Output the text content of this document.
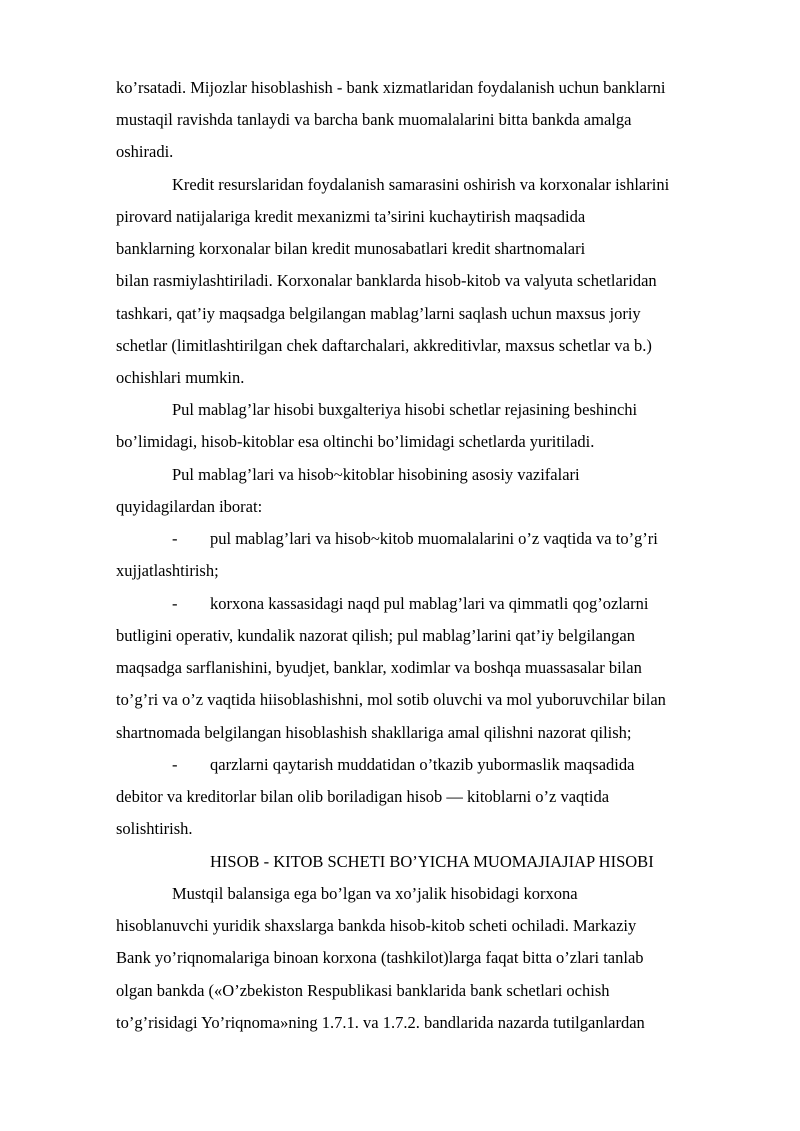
ko’rsatadi. Mijozlar hisoblashish - bank xizmatlaridan foydalanish uchun banklarni
mustaqil ravishda tanlaydi va barcha bank muomalalarini bitta bankda amalga
oshiradi.
Kredit resurslaridan foydalanish samarasini oshirish va korxonalar ishlarini
pirovard natijalariga kredit mexanizmi ta’sirini kuchaytirish maqsadida
banklarning korxonalar bilan kredit munosabatlari kredit shartnomalari
bilan rasmiylashtiriladi. Korxonalar banklarda hisob-kitob va valyuta schetlaridan
tashkari, qat’iy maqsadga belgilangan mablag’larni saqlash uchun maxsus joriy
schetlar (limitlashtirilgan chek daftarchalari, akkreditivlar, maxsus schetlar va b.)
ochishlari mumkin.
Pul mablag’lar hisobi buxgalteriya hisobi schetlar rejasining beshinchi
bo’limidagi, hisob-kitoblar esa oltinchi bo’limidagi schetlarda yuritiladi.
Pul mablag’lari va hisob~kitoblar hisobining asosiy vazifalari
quyidagilardan iborat:
- pul mablag’lari va hisob~kitob muomalalarini o’z vaqtida va to’g’ri
xujjatlashtirish;
- korxona kassasidagi naqd pul mablag’lari va qimmatli qog’ozlarni
butligini operativ, kundalik nazorat qilish; pul mablag’larini qat’iy belgilangan
maqsadga sarflanishini, byudjet, banklar, xodimlar va boshqa muassasalar bilan
to’g’ri va o’z vaqtida hiisoblashishni, mol sotib oluvchi va mol yuboruvchilar bilan
shartnomada belgilangan hisoblashish shakllariga amal qilishni nazorat qilish;
- qarzlarni qaytarish muddatidan o’tkazib yubormaslik maqsadida
debitor va kreditorlar bilan olib boriladigan hisob — kitoblarni o’z vaqtida
solishtirish.
HISOB - KITOB SCHETI BO’YICHA MUOMAJIAJIAP HISOBI
Mustqil balansiga ega bo’lgan va xo’jalik hisobidagi korxona
hisoblanuvchi yuridik shaxslarga bankda hisob-kitob scheti ochiladi. Markaziy
Bank yo’riqnomalariga binoan korxona (tashkilot)larga faqat bitta o’zlari tanlab
olgan bankda («O’zbekiston Respublikasi banklarida bank schetlari ochish
to’g’risidagi Yo’riqnoma»ning 1.7.1. va 1.7.2. bandlarida nazarda tutilganlardan
